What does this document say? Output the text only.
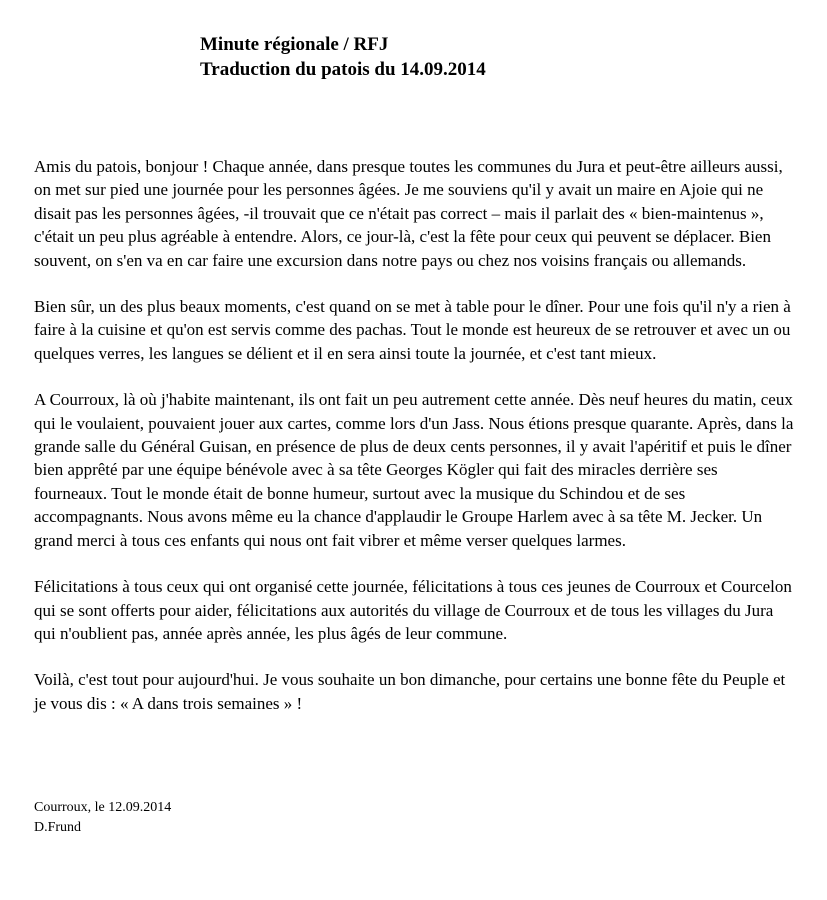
Minute régionale / RFJ
Traduction du patois du 14.09.2014

Amis du patois, bonjour ! Chaque année, dans presque toutes les communes du Jura et peut-être ailleurs aussi, on met sur pied une journée pour les personnes âgées. Je me souviens qu'il y avait un maire en Ajoie qui ne disait pas les personnes âgées, -il trouvait que ce n'était pas correct – mais il parlait des « bien-maintenus », c'était un peu plus agréable à entendre. Alors, ce jour-là, c'est la fête pour ceux qui peuvent se déplacer. Bien souvent, on s'en va en car faire une excursion dans notre pays ou chez nos voisins français ou allemands.

Bien sûr, un des plus beaux moments, c'est quand on se met à table pour le dîner. Pour une fois qu'il n'y a rien à faire à la cuisine et qu'on est servis comme des pachas. Tout le monde est heureux de se retrouver et avec un ou quelques verres, les langues se délient et il en sera ainsi toute la journée, et c'est tant mieux.

A Courroux, là où j'habite maintenant, ils ont fait un peu autrement cette année. Dès neuf heures du matin, ceux qui le voulaient, pouvaient jouer aux cartes, comme lors d'un Jass. Nous étions presque quarante. Après, dans la grande salle du Général Guisan, en présence de plus de deux cents personnes, il y avait l'apéritif et puis le dîner bien apprêté par une équipe bénévole avec à sa tête Georges Kögler qui fait des miracles derrière ses fourneaux. Tout le monde était de bonne humeur, surtout avec la musique du Schindou et de ses accompagnants. Nous avons même eu la chance d'applaudir le Groupe Harlem avec à sa tête M. Jecker. Un grand merci à tous ces enfants qui nous ont fait vibrer et même verser quelques larmes.

Félicitations à tous ceux qui ont organisé cette journée, félicitations à tous ces jeunes de Courroux et Courcelon qui se sont offerts pour aider, félicitations aux autorités du village de Courroux et de tous les villages du Jura qui n'oublient pas, année après année, les plus âgés de leur commune.

Voilà, c'est tout pour aujourd'hui. Je vous souhaite un bon dimanche, pour certains une bonne fête du Peuple et je vous dis : « A dans trois semaines » !

Courroux, le 12.09.2014
D.Frund
